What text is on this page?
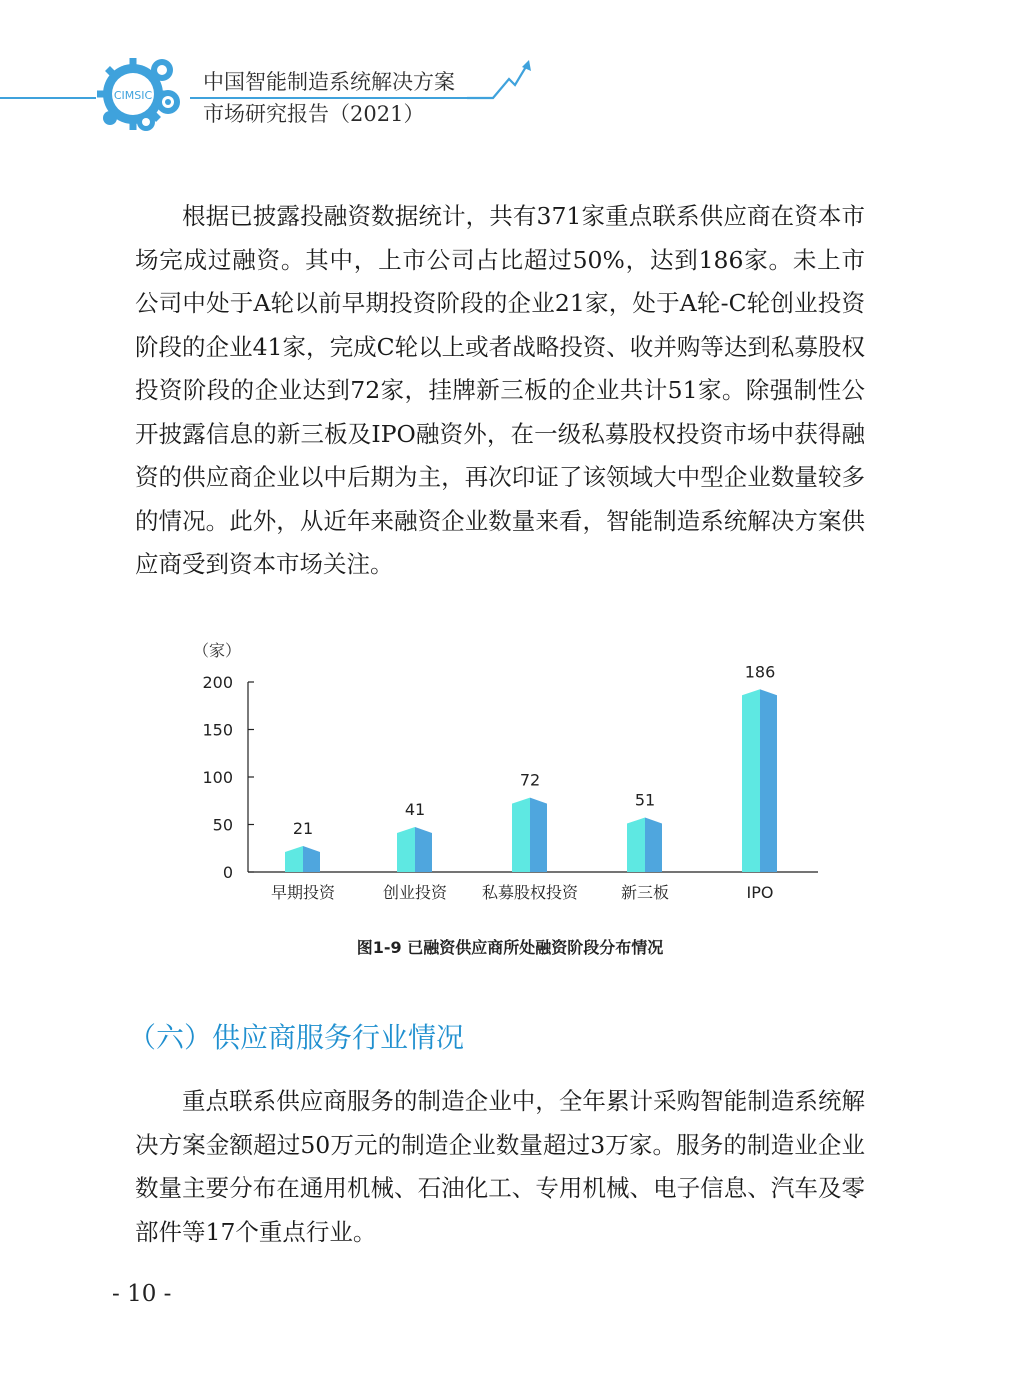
CIMSIC
中国智能制造系统解决方案
市场研究报告（2021）
根据已披露投融资数据统计，共有371家重点联系供应商在资本市场完成过融资。其中，上市公司占比超过50%，达到186家。未上市公司中处于A轮以前早期投资阶段的企业21家，处于A轮-C轮创业投资阶段的企业41家，完成C轮以上或者战略投资、收并购等达到私募股权投资阶段的企业达到72家，挂牌新三板的企业共计51家。除强制性公开披露信息的新三板及IPO融资外，在一级私募股权投资市场中获得融资的供应商企业以中后期为主，再次印证了该领域大中型企业数量较多的情况。此外，从近年来融资企业数量来看，智能制造系统解决方案供应商受到资本市场关注。
（家）
0
50
100
150
200
21
41
72
51
186
早期投资	创业投资 私募股权投资	新三板	IPO
图1-9 已融资供应商所处融资阶段分布情况
（六）供应商服务行业情况
重点联系供应商服务的制造企业中，全年累计采购智能制造系统解决方案金额超过50万元的制造企业数量超过3万家。服务的制造业企业数量主要分布在通用机械、石油化工、专用机械、电子信息、汽车及零部件等17个重点行业。
- 10 -
